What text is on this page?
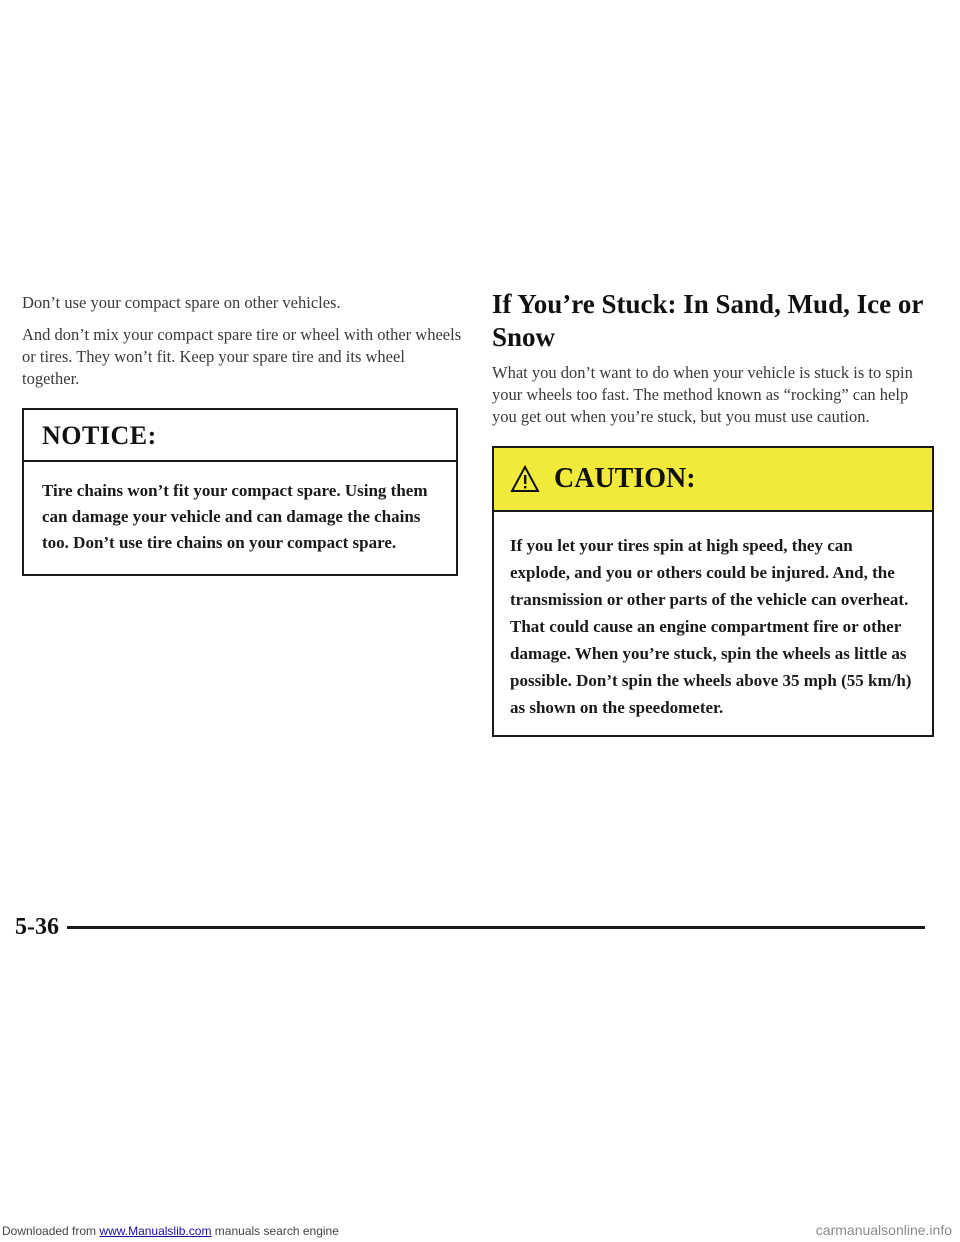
Don’t use your compact spare on other vehicles.

And don’t mix your compact spare tire or wheel with other wheels or tires. They won’t fit. Keep your spare tire and its wheel together.

NOTICE:
Tire chains won’t fit your compact spare. Using them can damage your vehicle and can damage the chains too. Don’t use tire chains on your compact spare.
If You’re Stuck: In Sand, Mud, Ice or Snow

What you don’t want to do when your vehicle is stuck is to spin your wheels too fast. The method known as “rocking” can help you get out when you’re stuck, but you must use caution.

CAUTION:
If you let your tires spin at high speed, they can explode, and you or others could be injured. And, the transmission or other parts of the vehicle can overheat. That could cause an engine compartment fire or other damage. When you’re stuck, spin the wheels as little as possible. Don’t spin the wheels above 35 mph (55 km/h) as shown on the speedometer.
5-36
Downloaded from www.Manualslib.com manuals search engine	carmanualsonline.info
